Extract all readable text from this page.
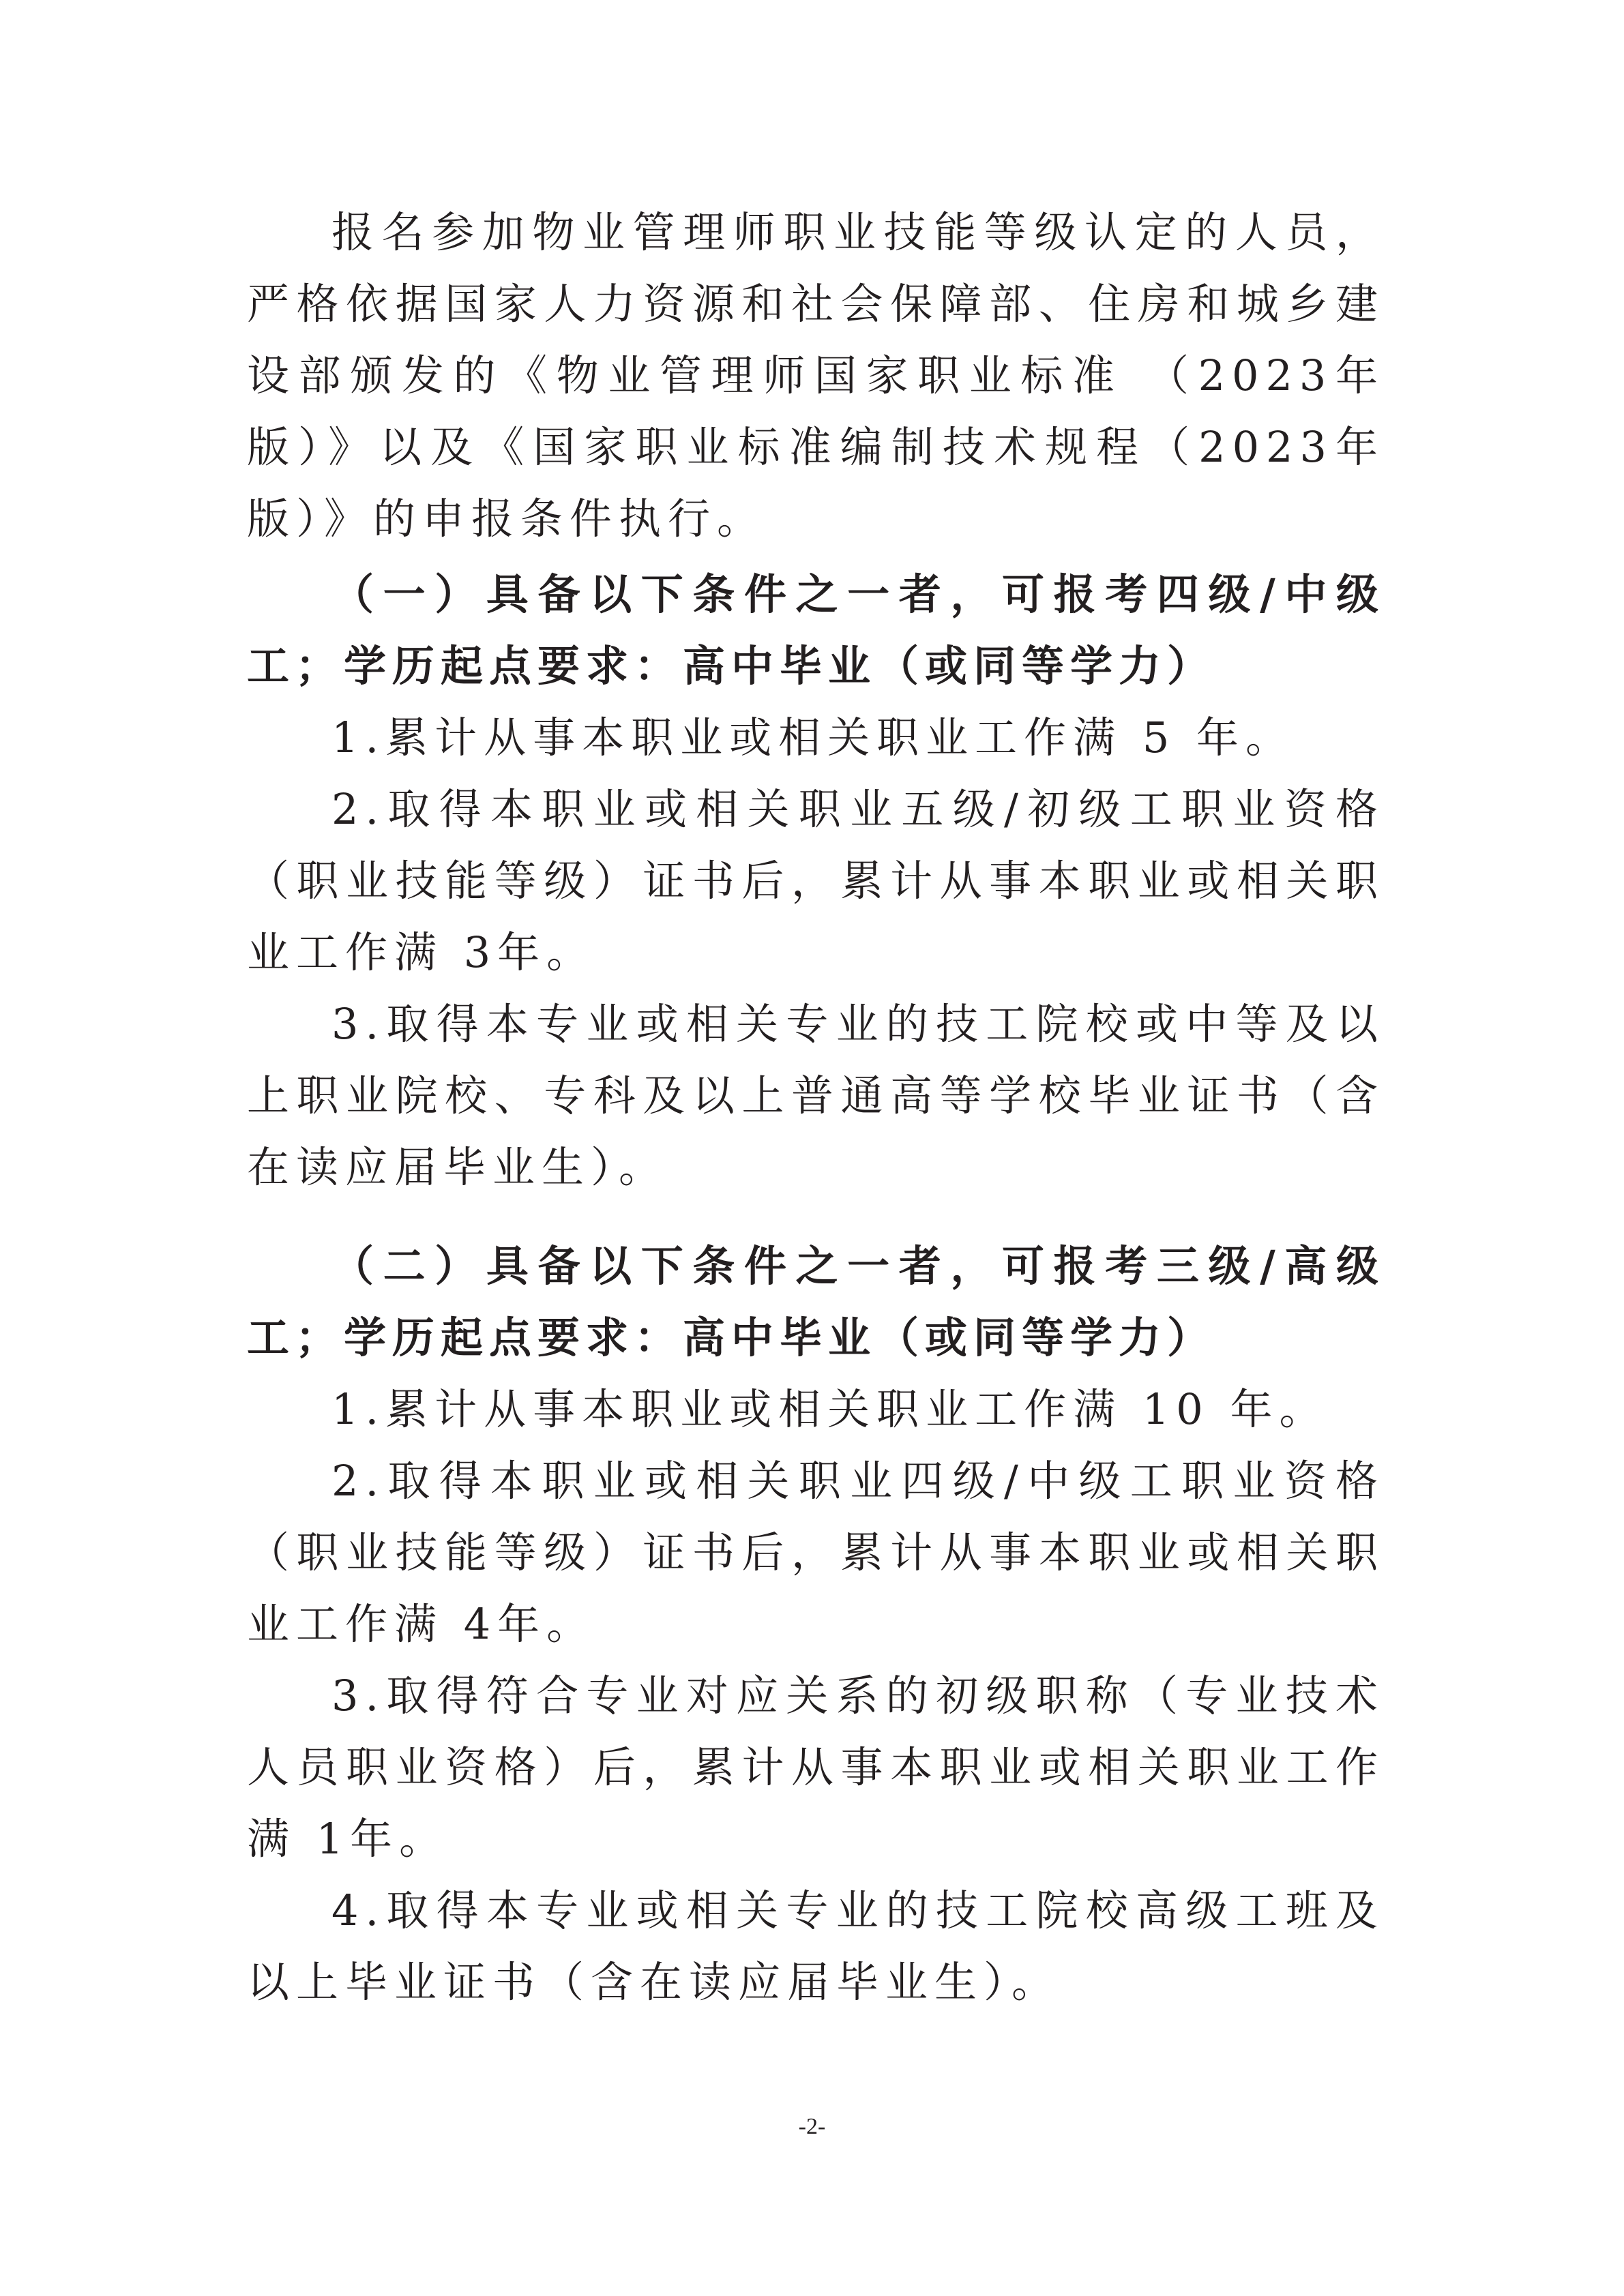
报名参加物业管理师职业技能等级认定的人员，严格依据国家人力资源和社会保障部、住房和城乡建设部颁发的《物业管理师国家职业标准 （2023年版）》以及《国家职业标准编制技术规程（2023年版）》的申报条件执行。

（一）具备以下条件之一者，可报考四级/中级工；学历起点要求：高中毕业（或同等学力）

1.累计从事本职业或相关职业工作满 5 年。

2.取得本职业或相关职业五级/初级工职业资格（职业技能等级）证书后，累计从事本职业或相关职业工作满 3年。

3.取得本专业或相关专业的技工院校或中等及以上职业院校、专科及以上普通高等学校毕业证书（含在读应届毕业生）。

（二）具备以下条件之一者，可报考三级/高级工；学历起点要求：高中毕业（或同等学力）

1.累计从事本职业或相关职业工作满 10 年。

2.取得本职业或相关职业四级/中级工职业资格 （职业技能等级）证书后，累计从事本职业或相关职业工作满 4年。

3.取得符合专业对应关系的初级职称（专业技术人员职业资格）后，累计从事本职业或相关职业工作满 1年。

4.取得本专业或相关专业的技工院校高级工班及以上毕业证书（含在读应届毕业生）。

-2-
